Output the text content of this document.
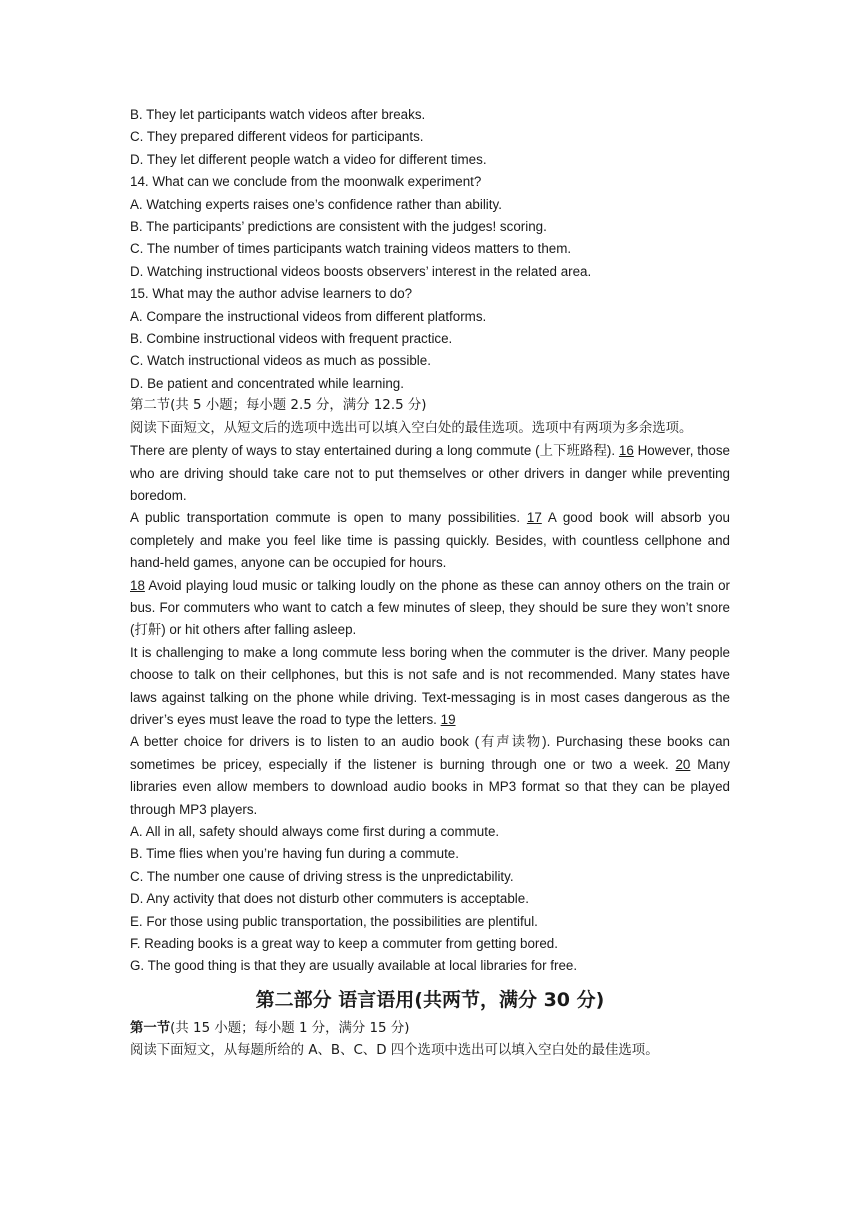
B. They let participants watch videos after breaks.
C. They prepared different videos for participants.
D. They let different people watch a video for different times.
14. What can we conclude from the moonwalk experiment?
A. Watching experts raises one’s confidence rather than ability.
B. The participants’ predictions are consistent with the judges! scoring.
C. The number of times participants watch training videos matters to them.
D. Watching instructional videos boosts observers’ interest in the related area.
15. What may the author advise learners to do?
A. Compare the instructional videos from different platforms.
B. Combine instructional videos with frequent practice.
C. Watch instructional videos as much as possible.
D. Be patient and concentrated while learning.
第二节(共 5 小题；每小题 2.5 分，满分 12.5 分)
阅读下面短文，从短文后的选项中选出可以填入空白处的最佳选项。选项中有两项为多余选项。
There are plenty of ways to stay entertained during a long commute (上下班路程). 16 However, those who are driving should take care not to put themselves or other drivers in danger while preventing boredom.
A public transportation commute is open to many possibilities. 17 A good book will absorb you completely and make you feel like time is passing quickly. Besides, with countless cellphone and hand-held games, anyone can be occupied for hours.
18 Avoid playing loud music or talking loudly on the phone as these can annoy others on the train or bus. For commuters who want to catch a few minutes of sleep, they should be sure they won’t snore (打鼾) or hit others after falling asleep.
It is challenging to make a long commute less boring when the commuter is the driver. Many people choose to talk on their cellphones, but this is not safe and is not recommended. Many states have laws against talking on the phone while driving. Text-messaging is in most cases dangerous as the driver’s eyes must leave the road to type the letters. 19
A better choice for drivers is to listen to an audio book (有声读物). Purchasing these books can sometimes be pricey, especially if the listener is burning through one or two a week. 20 Many libraries even allow members to download audio books in MP3 format so that they can be played through MP3 players.
A. All in all, safety should always come first during a commute.
B. Time flies when you’re having fun during a commute.
C. The number one cause of driving stress is the unpredictability.
D. Any activity that does not disturb other commuters is acceptable.
E. For those using public transportation, the possibilities are plentiful.
F. Reading books is a great way to keep a commuter from getting bored.
G. The good thing is that they are usually available at local libraries for free.
第二部分 语言语用(共两节，满分 30 分)
第一节(共 15 小题；每小题 1 分，满分 15 分)
阅读下面短文，从每题所给的 A、B、C、D 四个选项中选出可以填入空白处的最佳选项。
